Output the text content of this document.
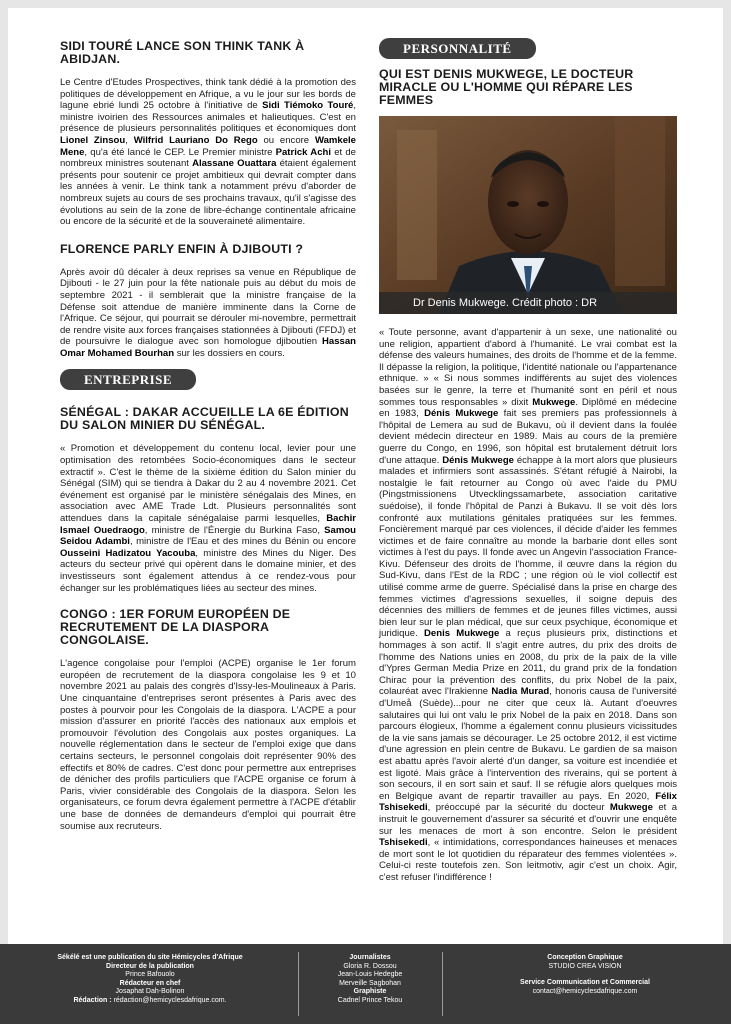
SIDI TOURÉ LANCE SON THINK TANK À ABIDJAN.

Le Centre d'Etudes Prospectives, think tank dédié à la promotion des politiques de développement en Afrique, a vu le jour sur les bords de lagune ebrié lundi 25 octobre à l'initiative de Sidi Tiémoko Touré, ministre ivoirien des Ressources animales et halieutiques. C'est en présence de plusieurs personnalités politiques et économiques dont Lionel Zinsou, Wilfrid Lauriano Do Rego ou encore Wamkele Mene, qu'a été lancé le CEP. Le Premier ministre Patrick Achi et de nombreux ministres soutenant Alassane Ouattara étaient également présents pour soutenir ce projet ambitieux qui devrait compter dans les années à venir. Le think tank a notamment prévu d'aborder de nombreux sujets au cours de ses prochains travaux, qu'il s'agisse des évolutions au sein de la zone de libre-échange continentale africaine ou encore de la sécurité et de la souveraineté alimentaire.

FLORENCE PARLY ENFIN À DJIBOUTI ?

Après avoir dû décaler à deux reprises sa venue en République de Djibouti - le 27 juin pour la fête nationale puis au début du mois de septembre 2021 - il semblerait que la ministre française de la Défense soit attendue de manière imminente dans la Corne de l'Afrique. Ce séjour, qui pourrait se dérouler mi-novembre, permettrait de rendre visite aux forces françaises stationnées à Djibouti (FFDJ) et de poursuivre le dialogue avec son homologue djiboutien Hassan Omar Mohamed Bourhan sur les dossiers en cours.

ENTREPRISE
SÉNÉGAL : DAKAR ACCUEILLE LA 6E ÉDITION DU SALON MINIER DU SÉNÉGAL.

« Promotion et développement du contenu local, levier pour une optimisation des retombées Socio-économiques dans le secteur extractif ». C'est le thème de la sixième édition du Salon minier du Sénégal (SIM) qui se tiendra à Dakar du 2 au 4 novembre 2021. Cet événement est organisé par le ministère sénégalais des Mines, en association avec AME Trade Ldt. Plusieurs personnalités sont attendues dans la capitale sénégalaise parmi lesquelles, Bachir Ismael Ouedraogo, ministre de l'Énergie du Burkina Faso, Samou Seidou Adambi, ministre de l'Eau et des mines du Bénin ou encore Ousseini Hadizatou Yacouba, ministre des Mines du Niger. Des acteurs du secteur privé qui opèrent dans le domaine minier, et des investisseurs sont également attendus à ce rendez-vous pour échanger sur les problématiques liées au secteur des mines.

CONGO : 1ER FORUM EUROPÉEN DE RECRUTEMENT DE LA DIASPORA CONGOLAISE.

L'agence congolaise pour l'emploi (ACPE) organise le 1er forum européen de recrutement de la diaspora congolaise les 9 et 10 novembre 2021 au palais des congrès d'Issy-les-Moulineaux à Paris. Une cinquantaine d'entreprises seront présentes à Paris avec des postes à pourvoir pour les Congolais de la diaspora. L'ACPE a pour mission d'assurer en priorité l'accès des nationaux aux emplois et promouvoir l'évolution des Congolais aux postes organiques. La nouvelle réglementation dans le secteur de l'emploi exige que dans certains secteurs, le personnel congolais doit représenter 90% des effectifs et 80% de cadres. C'est donc pour permettre aux entreprises de dénicher des profils particuliers que l'ACPE organise ce forum à Paris, vivier considérable des Congolais de la diaspora. Selon les organisateurs, ce forum devra également permettre à l'ACPE d'établir une base de données de demandeurs d'emploi qui pourrait être soumise aux recruteurs.

PERSONNALITÉ
QUI EST DENIS MUKWEGE, LE DOCTEUR MIRACLE OU L'HOMME QUI RÉPARE LES FEMMES
Dr Denis Mukwege. Crédit photo : DR

« Toute personne, avant d'appartenir à un sexe, une nationalité ou une religion, appartient d'abord à l'humanité. Le vrai combat est la défense des valeurs humaines, des droits de l'homme et de la femme. Il dépasse la religion, la politique, l'identité nationale ou l'appartenance ethnique. » « Si nous sommes indifférents au sujet des violences basées sur le genre, la terre et l'humanité sont en péril et nous sommes tous responsables » dixit Mukwege. Diplômé en médecine en 1983, Dénis Mukwege fait ses premiers pas professionnels à l'hôpital de Lemera au sud de Bukavu, où il devient dans la foulée devient médecin directeur en 1989. Mais au cours de la première guerre du Congo, en 1996, son hôpital est brutalement détruit lors d'une attaque. Dénis Mukwege échappe à la mort alors que plusieurs malades et infirmiers sont assassinés. S'étant réfugié à Nairobi, la nostalgie le fait retourner au Congo où avec l'aide du PMU (Pingstmissionens Utvecklingssamarbete, association caritative suédoise), il fonde l'hôpital de Panzi à Bukavu. Il se voit dès lors confronté aux mutilations génitales pratiquées sur les femmes. Foncièrement marqué par ces violences, il décide d'aider les femmes victimes et de faire connaître au monde la barbarie dont elles sont victimes à l'est du pays. Il fonde avec un Angevin l'association France-Kivu. Défenseur des droits de l'homme, il œuvre dans la région du Sud-Kivu, dans l'Est de la RDC ; une région où le viol collectif est utilisé comme arme de guerre. Spécialisé dans la prise en charge des femmes victimes d'agressions sexuelles, il soigne depuis des décennies des milliers de femmes et de jeunes filles victimes, aussi bien leur sur le plan médical, que sur ceux psychique, économique et juridique. Denis Mukwege a reçus plusieurs prix, distinctions et hommages à son actif. Il s'agit entre autres, du prix des droits de l'homme des Nations unies en 2008, du prix de la paix de la ville d'Ypres German Media Prize en 2011, du grand prix de la fondation Chirac pour la prévention des conflits, du prix Nobel de la paix, colauréat avec l'Irakienne Nadia Murad, honoris causa de l'université d'Umeå (Suède)...pour ne citer que ceux là. Autant d'oeuvres salutaires qui lui ont valu le prix Nobel de la paix en 2018. Dans son parcours élogieux, l'homme a également connu plusieurs vicissitudes de la vie sans jamais se décourager. Le 25 octobre 2012, il est victime d'une agression en plein centre de Bukavu. Le gardien de sa maison est abattu après l'avoir alerté d'un danger, sa voiture est incendiée et est ligoté. Mais grâce à l'intervention des riverains, qui se portent à son secours, il en sort sain et sauf. Il se réfugie alors quelques mois en Belgique avant de repartir travailler au pays. En 2020, Félix Tshisekedi, préoccupé par la sécurité du docteur Mukwege et a instruit le gouvernement d'assurer sa sécurité et d'ouvrir une enquête sur les menaces de mort à son encontre. Selon le président Tshisekedi, « intimidations, correspondances haineuses et menaces de mort sont le lot quotidien du réparateur des femmes violentées ». Celui-ci reste toutefois zen. Son leitmotiv, agir c'est un choix. Agir, c'est refuser l'indifférence !

Sékélé est une publication du site Hémicycles d'Afrique
Directeur de la publication
Prince Bafouolo
Rédacteur en chef
Josaphat Dah-Bolinon
Rédaction : rédaction@hemicyclesdafrique.com.
Journalistes
Gloria R. Dossou
Jean-Louis Hedegbe
Merveille Sagbohan
Graphiste
Cadnel Prince Tekou
Conception Graphique
STUDIO CREA VISION
Service Communication et Commercial
contact@hemicyclesdafrique.com
